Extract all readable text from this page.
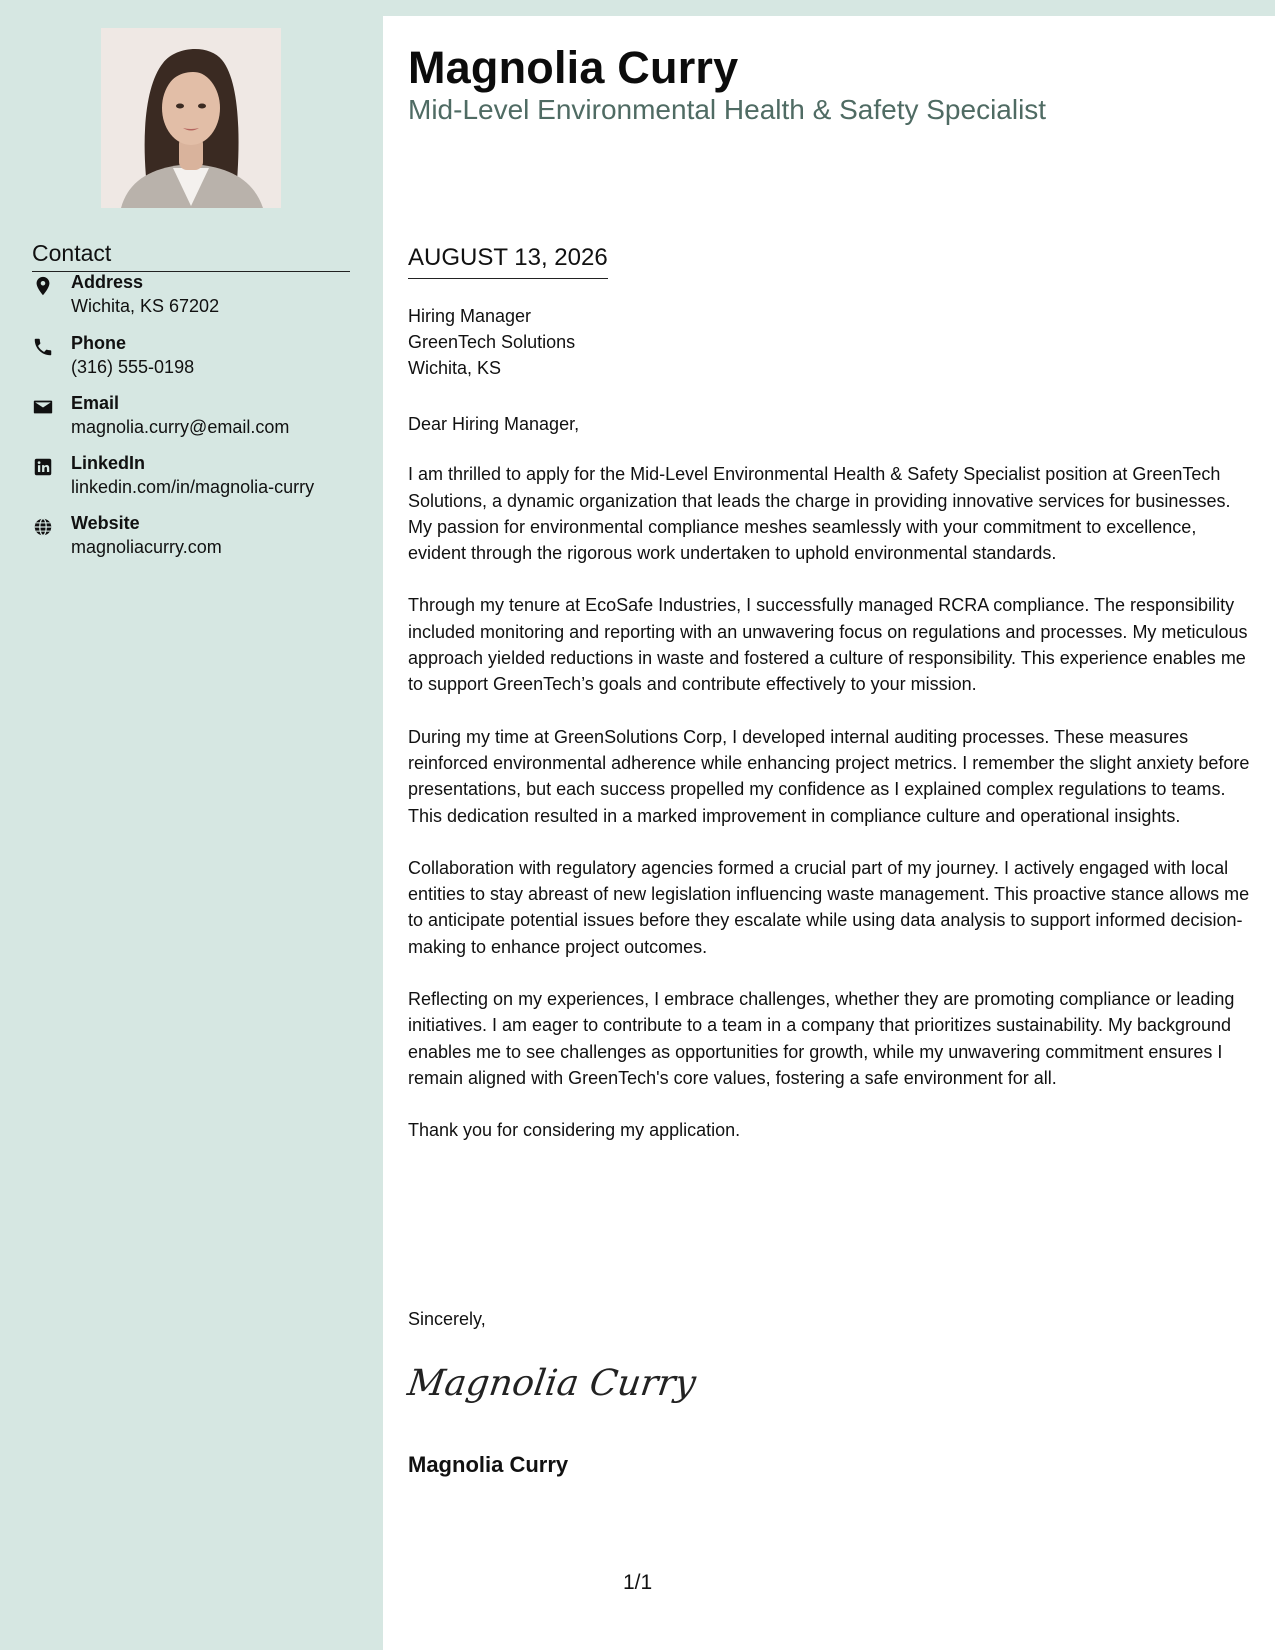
Contact
Address
Wichita, KS 67202
Phone
(316) 555-0198
Email
magnolia.curry@email.com
LinkedIn
linkedin.com/in/magnolia-curry
Website
magnoliacurry.com
Magnolia Curry
Mid-Level Environmental Health & Safety Specialist
AUGUST 13, 2026
Hiring Manager
GreenTech Solutions
Wichita, KS

Dear Hiring Manager,

I am thrilled to apply for the Mid-Level Environmental Health & Safety Specialist position at GreenTech Solutions, a dynamic organization that leads the charge in providing innovative services for businesses. My passion for environmental compliance meshes seamlessly with your commitment to excellence, evident through the rigorous work undertaken to uphold environmental standards.

Through my tenure at EcoSafe Industries, I successfully managed RCRA compliance. The responsibility included monitoring and reporting with an unwavering focus on regulations and processes. My meticulous approach yielded reductions in waste and fostered a culture of responsibility. This experience enables me to support GreenTech’s goals and contribute effectively to your mission.

During my time at GreenSolutions Corp, I developed internal auditing processes. These measures reinforced environmental adherence while enhancing project metrics. I remember the slight anxiety before presentations, but each success propelled my confidence as I explained complex regulations to teams. This dedication resulted in a marked improvement in compliance culture and operational insights.

Collaboration with regulatory agencies formed a crucial part of my journey. I actively engaged with local entities to stay abreast of new legislation influencing waste management. This proactive stance allows me to anticipate potential issues before they escalate while using data analysis to support informed decision-making to enhance project outcomes.

Reflecting on my experiences, I embrace challenges, whether they are promoting compliance or leading initiatives. I am eager to contribute to a team in a company that prioritizes sustainability. My background enables me to see challenges as opportunities for growth, while my unwavering commitment ensures I remain aligned with GreenTech's core values, fostering a safe environment for all.

Thank you for considering my application.

Sincerely,
Magnolia Curry
Magnolia Curry
1/1
